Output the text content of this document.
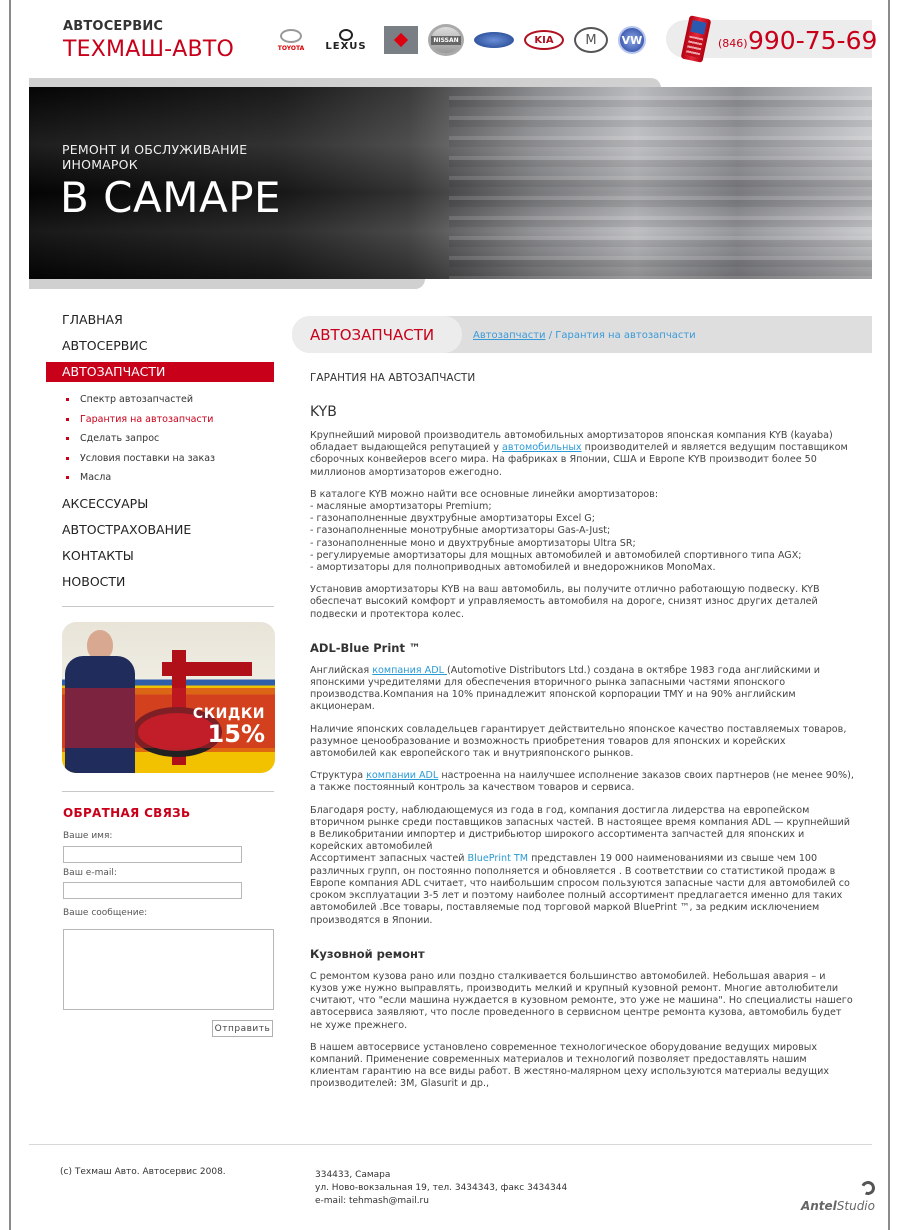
АВТОСЕРВИС
ТЕХМАШ-АВТО	TOYOTA LEXUS
NISSAN	KIA	M	VW	(846) 990-75-69
РЕМОНТ И ОБСЛУЖИВАНИЕ
ИНОМАРОК
В САМАРЕ
ГЛАВНАЯ
АВТОСЕРВИС
АВТОЗАПЧАСТИ
Спектр автозапчастей
Гарантия на автозапчасти
Сделать запрос
Условия поставки на заказ
Масла
АКСЕССУАРЫ
АВТОСТРАХОВАНИЕ
КОНТАКТЫ
НОВОСТИ
СКИДКИ
15%
ОБРАТНАЯ СВЯЗЬ
Ваше имя:
Ваш e-mail:
Ваше сообщение:
Отправить
АВТОЗАПЧАСТИ	Автозапчасти / Гарантия на автозапчасти
ГАРАНТИЯ НА АВТОЗАПЧАСТИ
KYB

Крупнейший мировой производитель автомобильных амортизаторов японская компания KYB (kayaba) обладает выдающейся репутацией у автомобильных производителей и является ведущим поставщиком сборочных конвейеров всего мира. На фабриках в Японии, США и Европе KYB производит более 50 миллионов амортизаторов ежегодно.

В каталоге KYB можно найти все основные линейки амортизаторов:
- масляные амортизаторы Premium;
- газонаполненные двухтрубные амортизаторы Excel G;
- газонаполненные монотрубные амортизаторы Gas-A-Just;
- газонаполненные моно и двухтрубные амортизаторы Ultra SR;
- регулируемые амортизаторы для мощных автомобилей и автомобилей спортивного типа AGX;
- амортизаторы для полноприводных автомобилей и внедорожников MonoMax.

Установив амортизаторы KYB на ваш автомобиль, вы получите отлично работающую подвеску. KYB обеспечат высокий комфорт и управляемость автомобиля на дороге, снизят износ других деталей подвески и протектора колес.

ADL-Blue Print ™

Английская компания ADL (Automotive Distributors Ltd.) создана в октябре 1983 года английскими и японскими учредителями для обеспечения вторичного рынка запасными частями японского производства.Компания на 10% принадлежит японской корпорации TMY и на 90% английским акционерам.

Наличие японских совладельцев гарантирует действительно японское качество поставляемых товаров, разумное ценообразование и возможность приобретения товаров для японских и корейских автомобилей как европейского так и внутрияпонского рынков.

Структура компании ADL настроенна на наилучшее исполнение заказов своих партнеров (не менее 90%), а также постоянный контроль за качеством товаров и сервиса.

Благодаря росту, наблюдающемуся из года в год, компания достигла лидерства на европейском вторичном рынке среди поставщиков запасных частей. В настоящее время компания ADL — крупнейший в Великобритании импортер и дистрибьютор широкого ассортимента запчастей для японских и корейских автомобилей
Ассортимент запасных частей BluePrint TM представлен 19 000 наименованиями из свыше чем 100 различных групп, он постоянно пополняется и обновляется . В соответствии со статистикой продаж в Европе компания ADL считает, что наибольшим спросом пользуются запасные части для автомобилей со сроком эксплуатации 3-5 лет и поэтому наиболее полный ассортимент предлагается именно для таких автомобилей .Все товары, поставляемые под торговой маркой BluePrint ™, за редким исключением производятся в Японии.

Кузовной ремонт

С ремонтом кузова рано или поздно сталкивается большинство автомобилей. Небольшая авария – и кузов уже нужно выправлять, производить мелкий и крупный кузовной ремонт. Многие автолюбители считают, что "если машина нуждается в кузовном ремонте, это уже не машина". Но специалисты нашего автосервиса заявляют, что после проведенного в сервисном центре ремонта кузова, автомобиль будет не хуже прежнего.

В нашем автосервисе установлено современное технологическое оборудование ведущих мировых компаний. Применение современных материалов и технологий позволяет предоставлять нашим клиентам гарантию на все виды работ. В жестяно-малярном цеху используются материалы ведущих производителей: 3M, Glasurit и др.,

(с) Техмаш Авто. Автосервис 2008.	334433, Самара
ул. Ново-вокзальная 19, тел. 3434343, факс 3434344
e-mail: tehmash@mail.ru	AntelStudio
